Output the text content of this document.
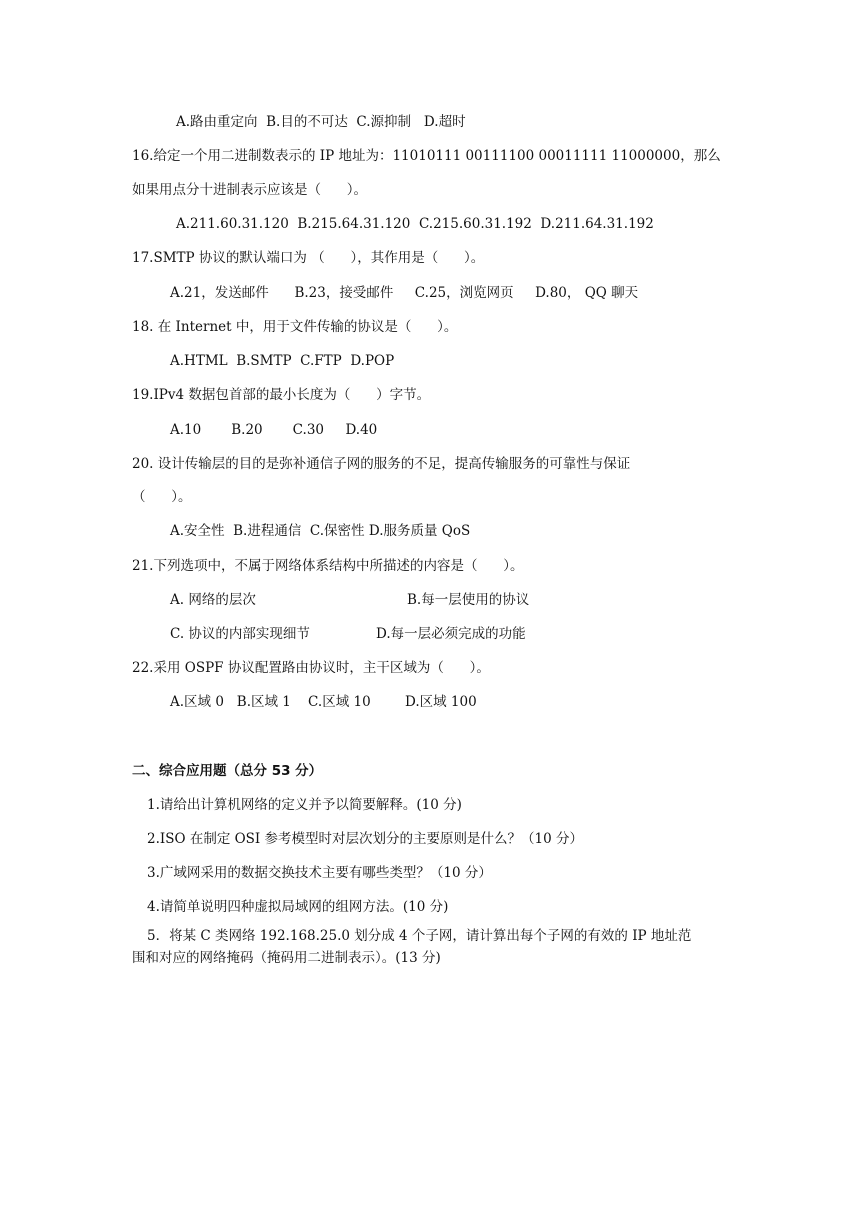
A.路由重定向  B.目的不可达  C.源抑制   D.超时
16.给定一个用二进制数表示的 IP 地址为：11010111 00111100 00011111 11000000，那么
如果用点分十进制表示应该是（      ）。
A.211.60.31.120  B.215.64.31.120  C.215.60.31.192  D.211.64.31.192
17.SMTP 协议的默认端口为 （      ），其作用是（      ）。
A.21，发送邮件      B.23，接受邮件     C.25，浏览网页     D.80， QQ 聊天
18. 在 Internet 中，用于文件传输的协议是（      ）。
A.HTML  B.SMTP  C.FTP  D.POP
19.IPv4 数据包首部的最小长度为（      ）字节。
A.10       B.20       C.30     D.40
20. 设计传输层的目的是弥补通信子网的服务的不足，提高传输服务的可靠性与保证
（      ）。
A.安全性  B.进程通信  C.保密性 D.服务质量 QoS
21.下列选项中，不属于网络体系结构中所描述的内容是（      ）。
A. 网络的层次	B.每一层使用的协议
C. 协议的内部实现细节	D.每一层必须完成的功能
22.采用 OSPF 协议配置路由协议时，主干区域为（      ）。
A.区域 0   B.区域 1    C.区域 10        D.区域 100
二、综合应用题（总分 53 分）
1.请给出计算机网络的定义并予以简要解释。(10 分)
2.ISO 在制定 OSI 参考模型时对层次划分的主要原则是什么？（10 分）
3.广域网采用的数据交换技术主要有哪些类型？（10 分）
4.请简单说明四种虚拟局域网的组网方法。(10 分)
5．将某 C 类网络 192.168.25.0 划分成 4 个子网，请计算出每个子网的有效的 IP 地址范
围和对应的网络掩码（掩码用二进制表示）。(13 分)
